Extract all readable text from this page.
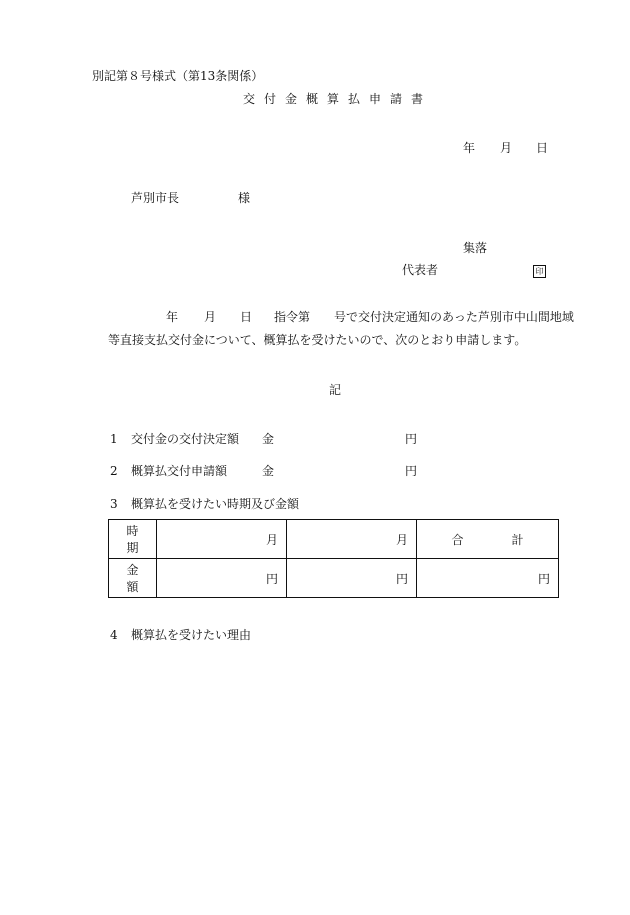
別記第８号様式（第13条関係）
交付金概算払申請書
年 月 日
芦別市長	様
集落
代表者	印
年 月 日 指令第　　号で交付決定通知のあった芦別市中山間地域
等直接支払交付金について、概算払を受けたいので、次のとおり申請します。
記
1 交付金の交付決定額 金	円
2 概算払交付申請額	金	円
3 概算払を受けたい時期及び金額
時　期	月	月	合　　　　計
金　額	円	円	円
4 概算払を受けたい理由
